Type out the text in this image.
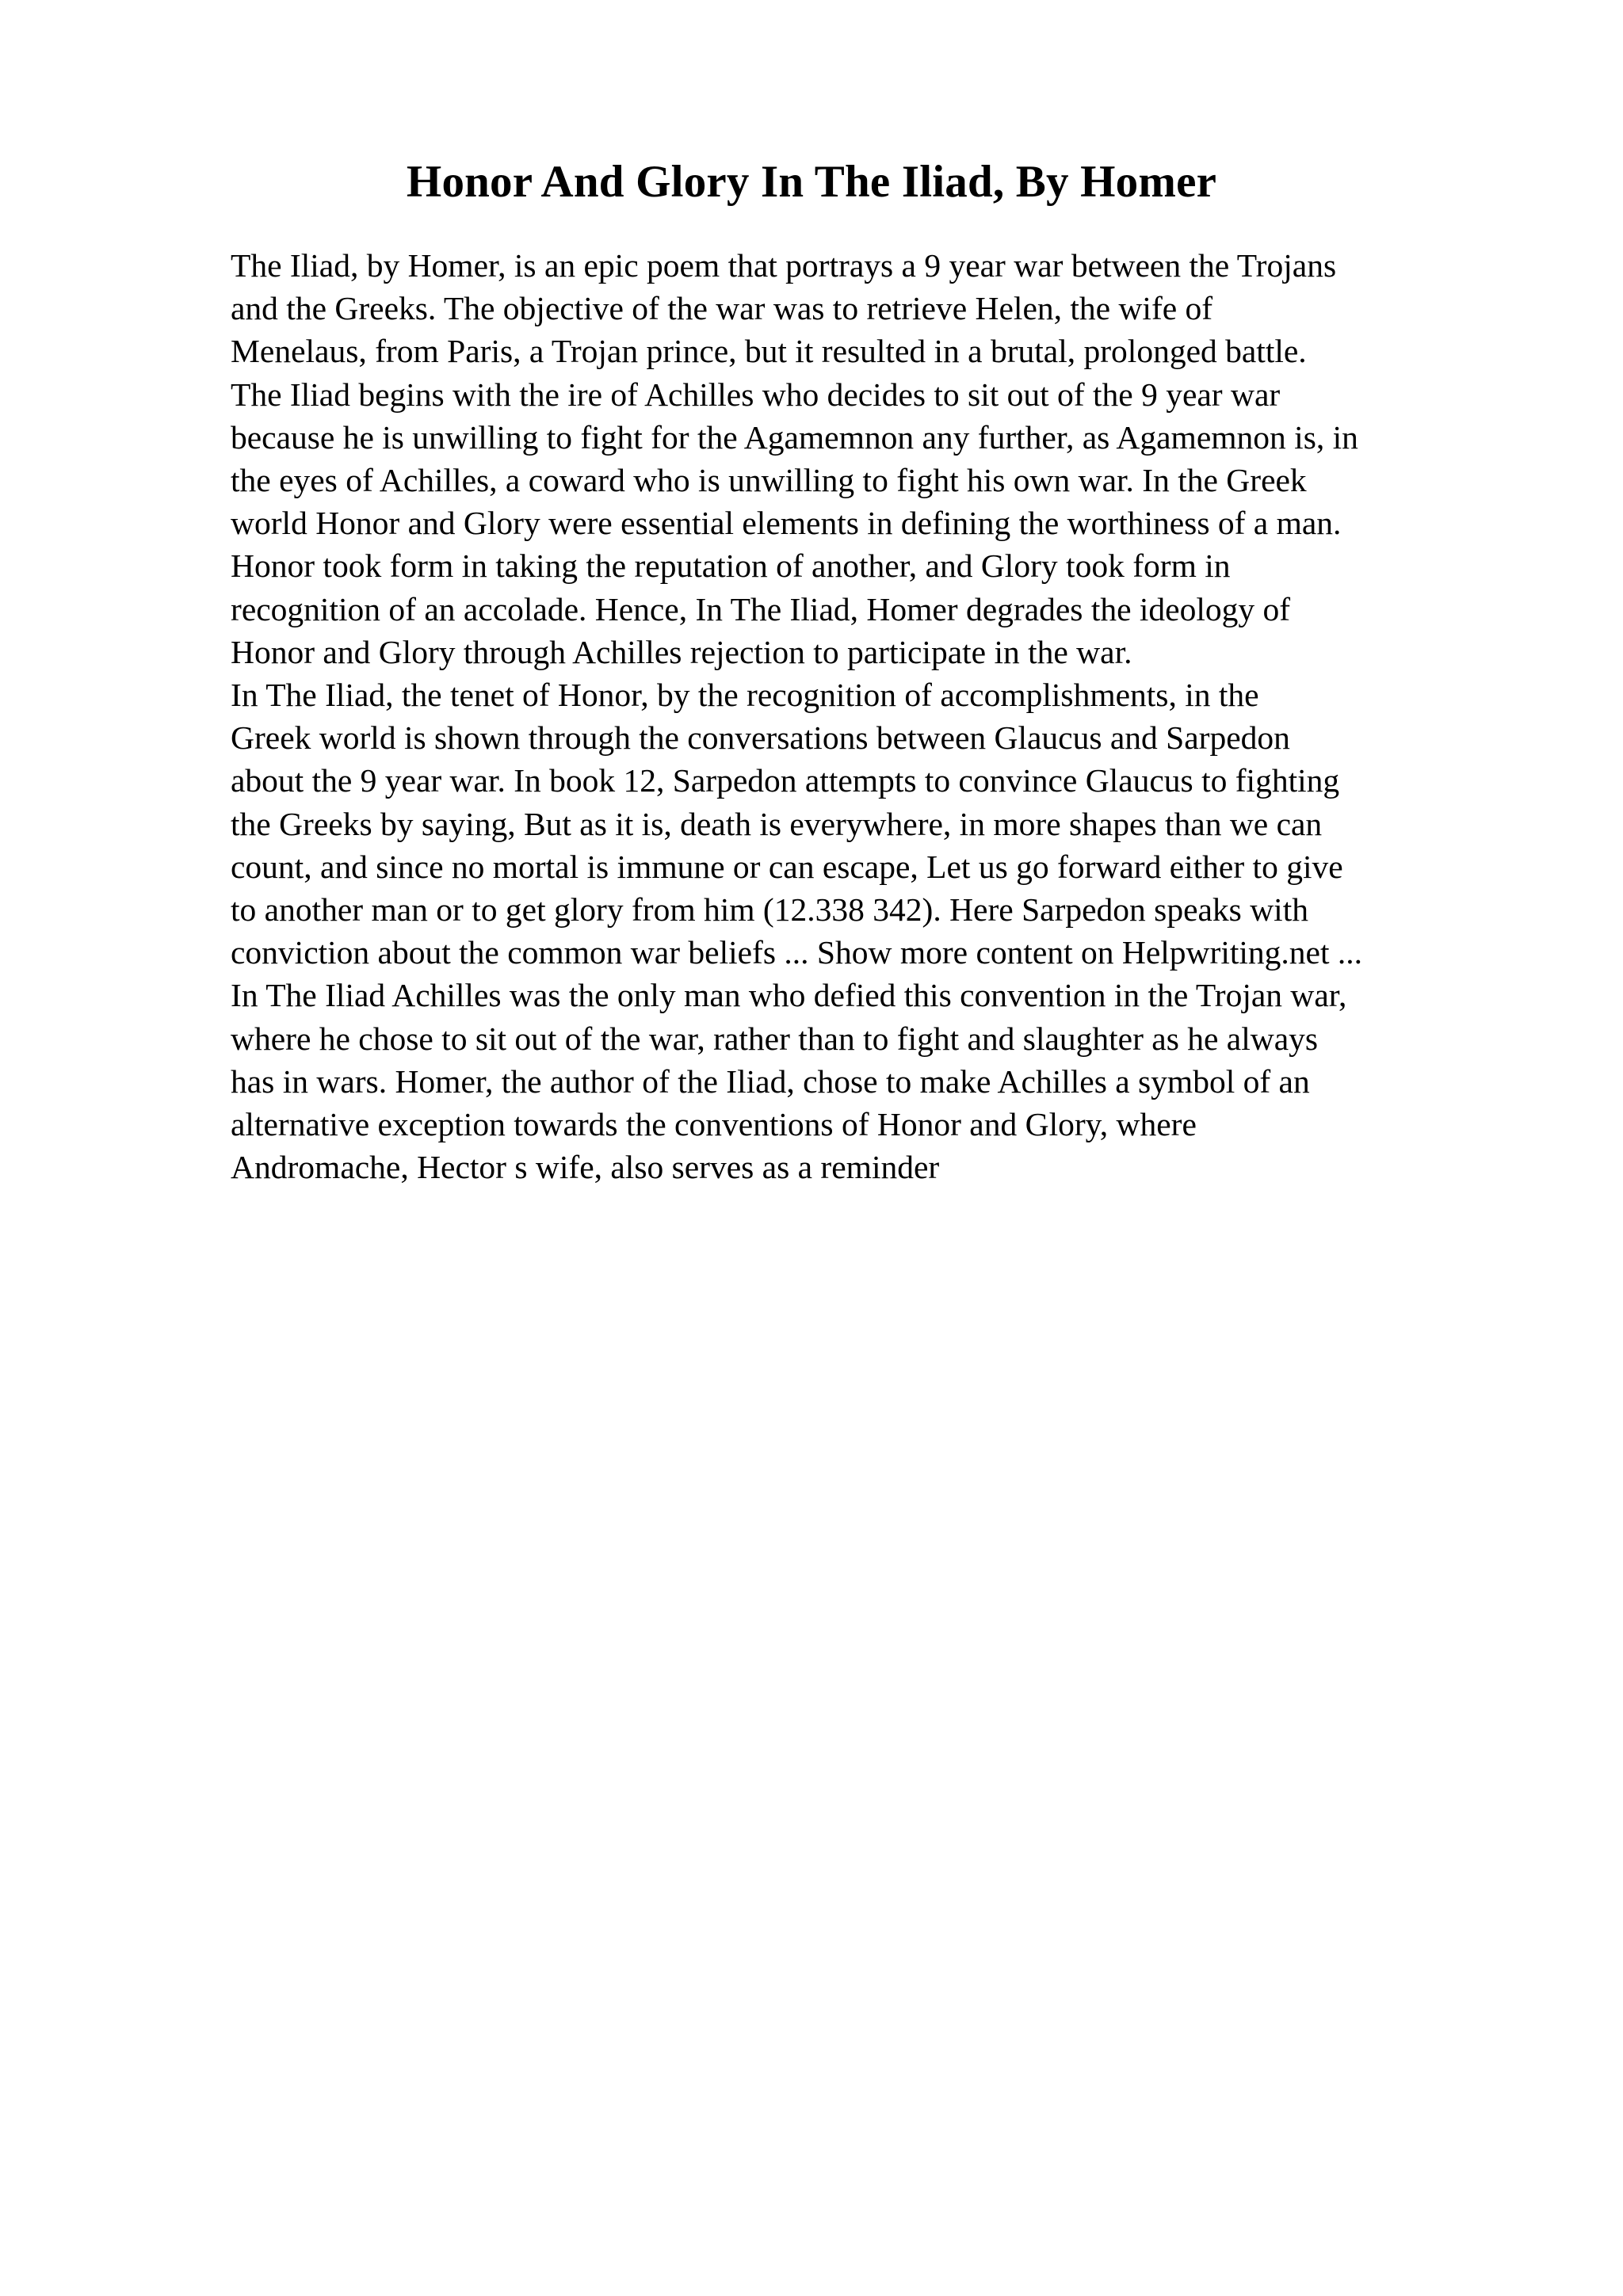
Honor And Glory In The Iliad, By Homer
The Iliad, by Homer, is an epic poem that portrays a 9 year war between the Trojans
and the Greeks. The objective of the war was to retrieve Helen, the wife of
Menelaus, from Paris, a Trojan prince, but it resulted in a brutal, prolonged battle.
The Iliad begins with the ire of Achilles who decides to sit out of the 9 year war
because he is unwilling to fight for the Agamemnon any further, as Agamemnon is, in
the eyes of Achilles, a coward who is unwilling to fight his own war. In the Greek
world Honor and Glory were essential elements in defining the worthiness of a man.
Honor took form in taking the reputation of another, and Glory took form in
recognition of an accolade. Hence, In The Iliad, Homer degrades the ideology of
Honor and Glory through Achilles rejection to participate in the war.
In The Iliad, the tenet of Honor, by the recognition of accomplishments, in the
Greek world is shown through the conversations between Glaucus and Sarpedon
about the 9 year war. In book 12, Sarpedon attempts to convince Glaucus to fighting
the Greeks by saying, But as it is, death is everywhere, in more shapes than we can
count, and since no mortal is immune or can escape, Let us go forward either to give
to another man or to get glory from him (12.338 342). Here Sarpedon speaks with
conviction about the common war beliefs ... Show more content on Helpwriting.net ...
In The Iliad Achilles was the only man who defied this convention in the Trojan war,
where he chose to sit out of the war, rather than to fight and slaughter as he always
has in wars. Homer, the author of the Iliad, chose to make Achilles a symbol of an
alternative exception towards the conventions of Honor and Glory, where
Andromache, Hector s wife, also serves as a reminder
